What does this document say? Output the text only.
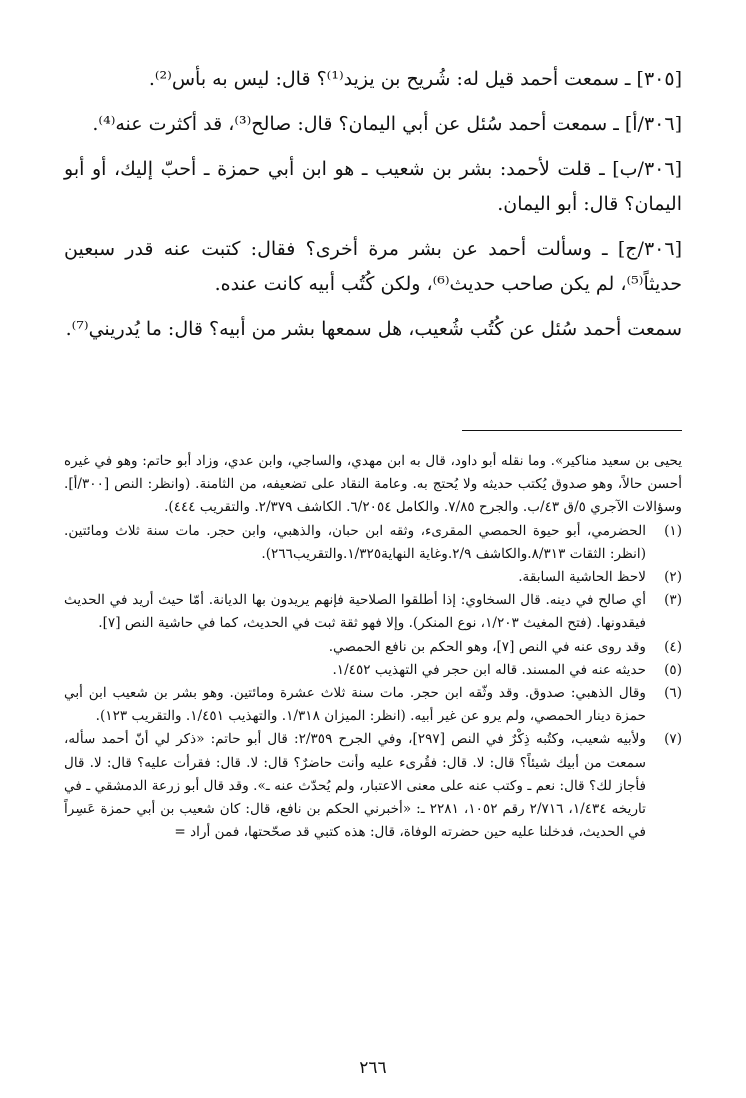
[٣٠٥] ـ سمعت أحمد قيل له: شُريح بن يزيد⁽¹⁾؟ قال: ليس به بأس⁽²⁾.

[٣٠٦/أ] ـ سمعت أحمد سُئل عن أبي اليمان؟ قال: صالح⁽³⁾، قد أكثرت عنه⁽⁴⁾.

[٣٠٦/ب] ـ قلت لأحمد: بشر بن شعيب ـ هو ابن أبي حمزة ـ أحبّ إليك، أو أبو اليمان؟ قال: أبو اليمان.

[٣٠٦/ج] ـ وسألت أحمد عن بشر مرة أخرى؟ فقال: كتبت عنه قدر سبعين حديثاً⁽⁵⁾، لم يكن صاحب حديث⁽⁶⁾، ولكن كُتُب أبيه كانت عنده.

سمعت أحمد سُئل عن كُتُب شُعيب، هل سمعها بشر من أبيه؟ قال: ما يُدريني⁽⁷⁾.

يحيى بن سعيد مناكير». وما نقله أبو داود، قال به ابن مهدي، والساجي، وابن عدي، وزاد أبو حاتم: وهو في غيره أحسن حالاً، وهو صدوق يُكتب حديثه ولا يُحتج به. وعامة النقاد على تضعيفه، من الثامنة. (وانظر: النص [٣٠٠/أ]. وسؤالات الآجري ٥/ق ٤٣/ب. والجرح ٧/٨٥. والكامل ٦/٢٠٥٤. الكاشف ٢/٣٧٩. والتقريب ٤٤٤).

(١)
الحضرمي، أبو حيوة الحمصي المقرىء، وثقه ابن حبان، والذهبي، وابن حجر. مات سنة ثلاث ومائتين. (انظر: الثقات ٨/٣١٣.والكاشف ٢/٩.وغاية النهاية١/٣٢٥.والتقريب٢٦٦).
(٢)
لاحظ الحاشية السابقة.
(٣)
أي صالح في دينه. قال السخاوي: إذا أطلقوا الصلاحية فإنهم يريدون بها الديانة. أمّا حيث أريد في الحديث فيقدونها. (فتح المغيث ١/٢٠٣، نوع المنكر). وإلا فهو ثقة ثبت في الحديث، كما في حاشية النص [٧].
(٤)
وقد روى عنه في النص [٧]، وهو الحكم بن نافع الحمصي.
(٥)
حديثه عنه في المسند. قاله ابن حجر في التهذيب ١/٤٥٢.
(٦)
وقال الذهبي: صدوق. وقد وثّقه ابن حجر. مات سنة ثلاث عشرة ومائتين. وهو بشر بن شعيب ابن أبي حمزة دينار الحمصي، ولم يرو عن غير أبيه. (انظر: الميزان ١/٣١٨. والتهذيب ١/٤٥١. والتقريب ١٢٣).
(٧)
ولأبيه شعيب، وكتُبه ذِكْرٌ في النص [٢٩٧]، وفي الجرح ٢/٣٥٩: قال أبو حاتم: «ذكر لي أنّ أحمد سأله، سمعت من أبيك شيئاً؟ قال: لا. قال: فقُرىء عليه وأنت حاضرٌ؟ قال: لا. قال: فقرأت عليه؟ قال: لا. قال فأجاز لك؟ قال: نعم ـ وكتب عنه على معنى الاعتبار، ولم يُحدّث عنه ـ». وقد قال أبو زرعة الدمشقي ـ في تاريخه ١/٤٣٤، ٢/٧١٦ رقم ١٠٥٢، ٢٢٨١ ـ: «أخبرني الحكم بن نافع، قال: كان شعيب بن أبي حمزة عَسِراً في الحديث، فدخلنا عليه حين حضرته الوفاة، قال: هذه كتبي قد صحّحتها، فمن أراد =
٢٦٦
